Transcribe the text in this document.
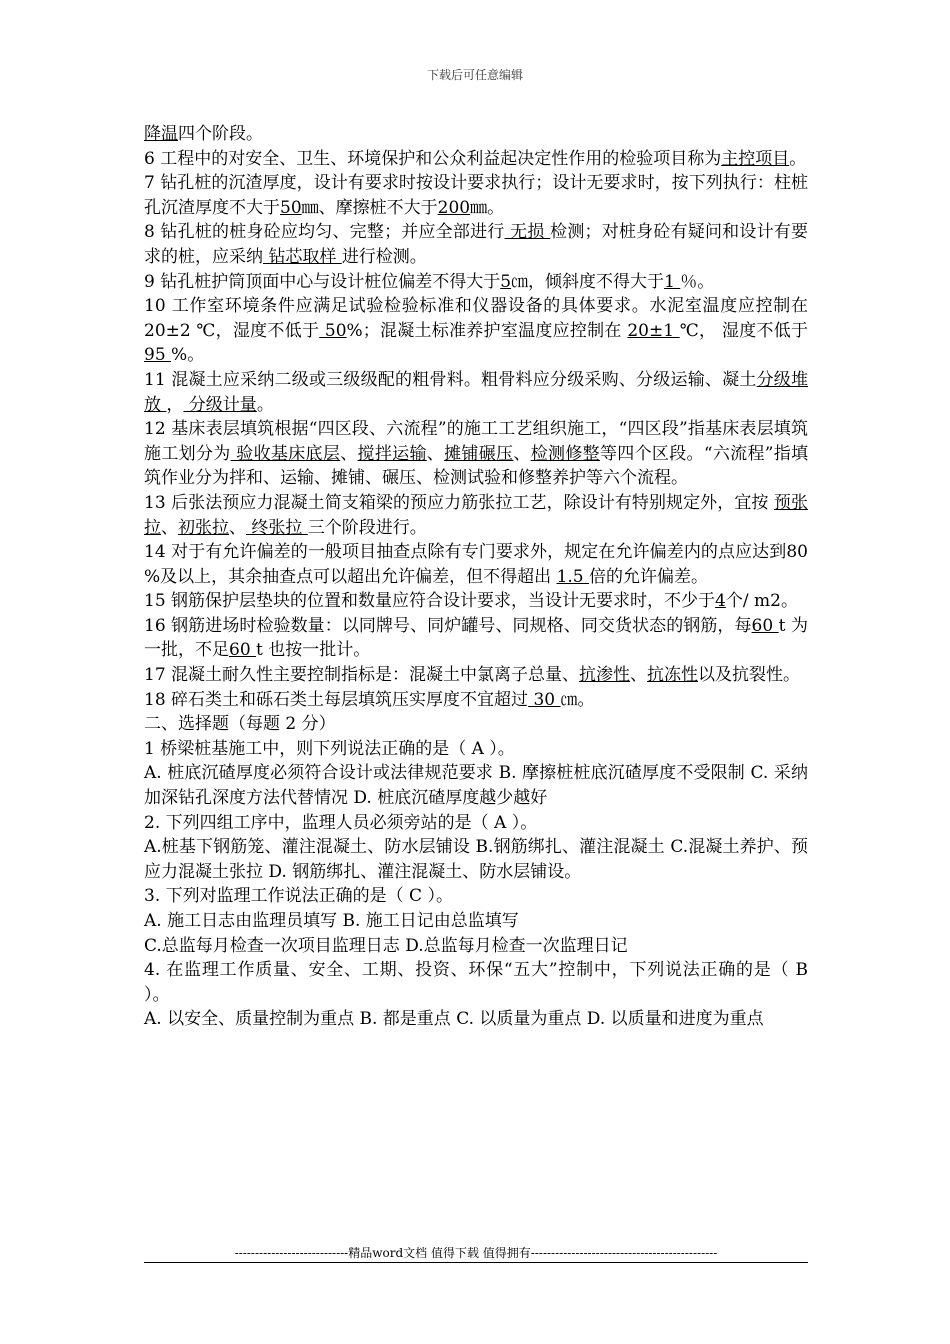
下载后可任意编辑

降温四个阶段。

6 工程中的对安全、卫生、环境保护和公众利益起决定性作用的检验项目称为主控项目。

7 钻孔桩的沉渣厚度，设计有要求时按设计要求执行；设计无要求时，按下列执行：柱桩孔沉渣厚度不大于50㎜、摩擦桩不大于200㎜。

8 钻孔桩的桩身砼应均匀、完整；并应全部进行 无损 检测；对桩身砼有疑问和设计有要求的桩，应采纳 钻芯取样 进行检测。

9 钻孔桩护筒顶面中心与设计桩位偏差不得大于5㎝，倾斜度不得大于1 ％。

10 工作室环境条件应满足试验检验标准和仪器设备的具体要求。水泥室温度应控制在 20±2 ℃，湿度不低于 50%；混凝土标准养护室温度应控制在 20±1 ℃， 湿度不低于 95 %。

11 混凝土应采纳二级或三级级配的粗骨料。粗骨料应分级采购、分级运输、凝土分级堆放 ， 分级计量。

12 基床表层填筑根据“四区段、六流程”的施工工艺组织施工，“四区段”指基床表层填筑施工划分为 验收基床底层、搅拌运输、摊铺碾压、检测修整等四个区段。“六流程”指填筑作业分为拌和、运输、摊铺、碾压、检测试验和修整养护等六个流程。

13 后张法预应力混凝土简支箱梁的预应力筋张拉工艺，除设计有特别规定外，宜按 预张拉、初张拉、 终张拉 三个阶段进行。

14 对于有允许偏差的一般项目抽查点除有专门要求外，规定在允许偏差内的点应达到80 %及以上，其余抽查点可以超出允许偏差，但不得超出 1.5 倍的允许偏差。

15 钢筋保护层垫块的位置和数量应符合设计要求，当设计无要求时，不少于4个/ m2。

16 钢筋进场时检验数量：以同牌号、同炉罐号、同规格、同交货状态的钢筋，每60 t 为一批，不足60 t 也按一批计。

17 混凝土耐久性主要控制指标是：混凝土中氯离子总量、抗渗性、抗冻性以及抗裂性。

18 碎石类土和砾石类土每层填筑压实厚度不宜超过 30 ㎝。

二、选择题（每题 2 分）

1 桥梁桩基施工中，则下列说法正确的是（ A ）。

A. 桩底沉碴厚度必须符合设计或法律规范要求 B. 摩擦桩桩底沉碴厚度不受限制 C. 采纳加深钻孔深度方法代替情况 D. 桩底沉碴厚度越少越好

2. 下列四组工序中，监理人员必须旁站的是（ A ）。

A.桩基下钢筋笼、灌注混凝土、防水层铺设 B.钢筋绑扎、灌注混凝土 C.混凝土养护、预应力混凝土张拉 D. 钢筋绑扎、灌注混凝土、防水层铺设。

3. 下列对监理工作说法正确的是（ C ）。

A. 施工日志由监理员填写 B. 施工日记由总监填写

C.总监每月检查一次项目监理日志 D.总监每月检查一次监理日记

4. 在监理工作质量、安全、工期、投资、环保“五大”控制中，下列说法正确的是（ B ）。

A. 以安全、质量控制为重点 B. 都是重点 C. 以质量为重点 D. 以质量和进度为重点

----------------------------精品word文档 值得下载 值得拥有----------------------------------------------
